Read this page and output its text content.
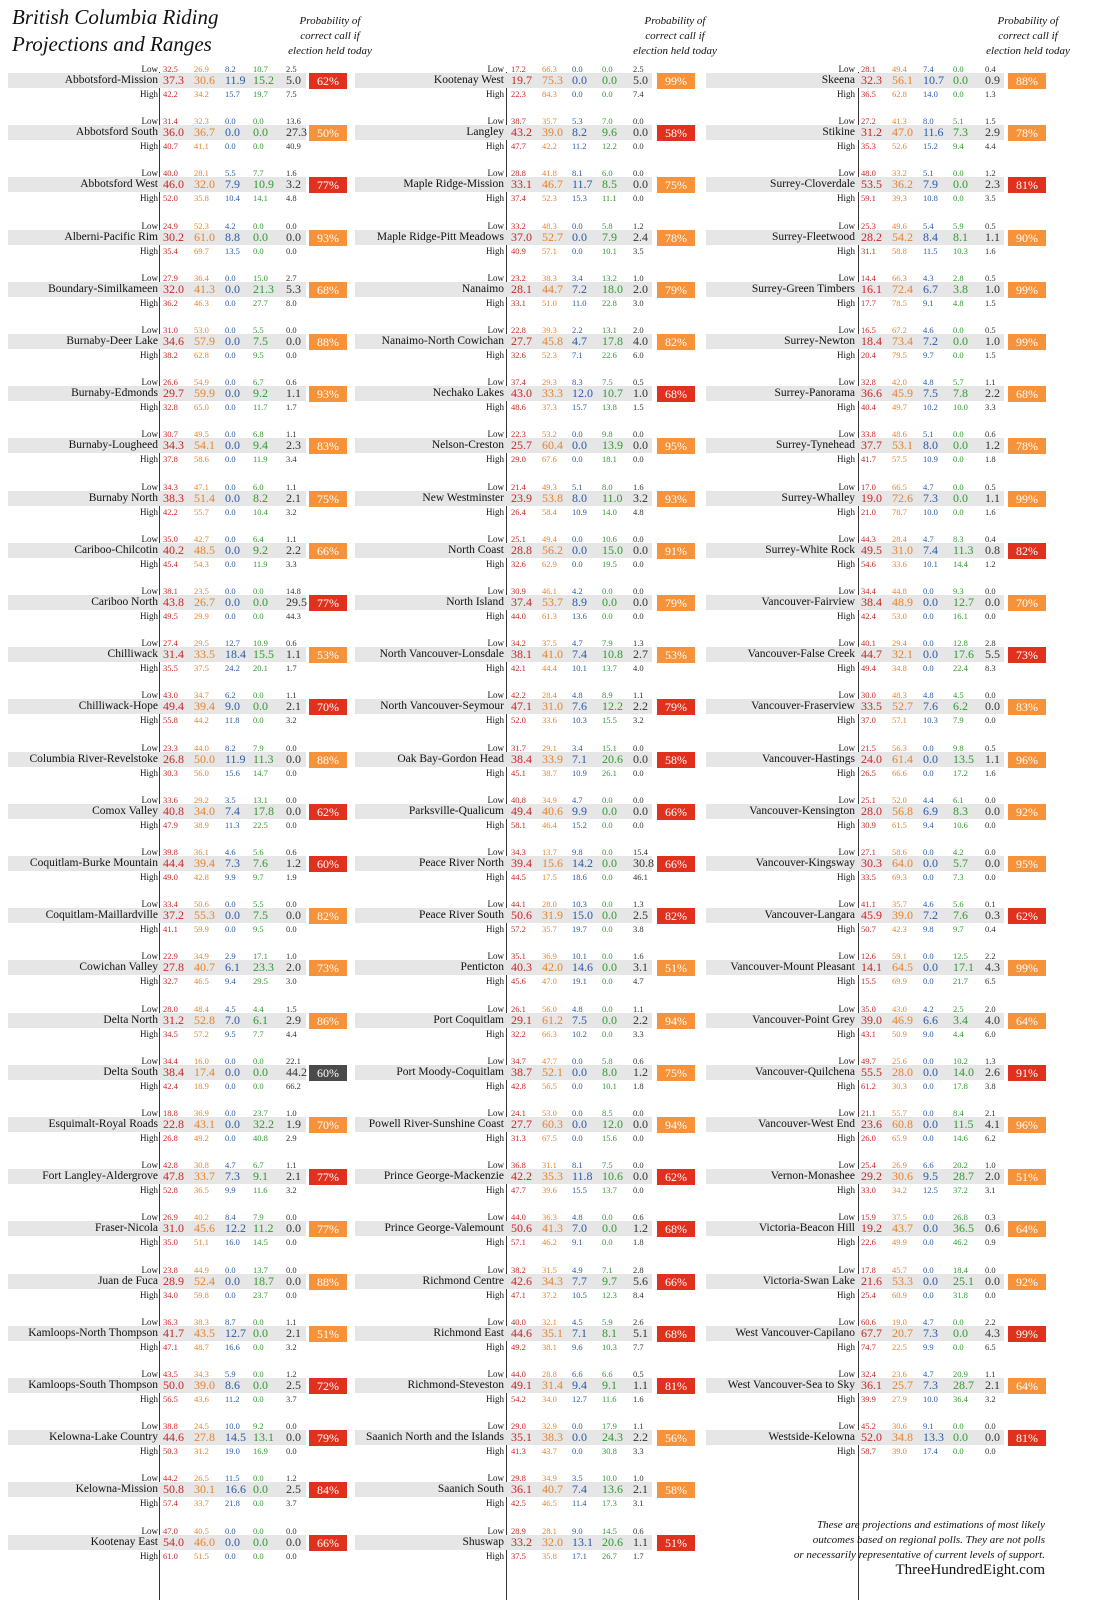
British Columbia Riding
Projections and Ranges
Probability of
correct call if
election held today
Probability of
correct call if
election held today
Probability of
correct call if
election held today
Low
Abbotsford-Mission
High
32.5	26.9	8.2	10.7	2.5
37.3 30.6 11.9 15.2	5.0
42.2	34.2	15.7	19.7	7.5
62%
Low
Abbotsford South
High
31.4	32.3	0.0	0.0	13.6
36.0 36.7 0.0	0.0	27.3
40.7	41.1	0.0	0.0	40.9
50%
Low
Abbotsford West
High
40.0	28.1	5.5	7.7	1.6
46.0 32.0 7.9	10.9	3.2
52.0	35.8	10.4	14.1	4.8
77%
Low
Alberni-Pacific Rim
High
24.9	52.3	4.2	0.0	0.0
30.2 61.0 8.8	0.0	0.0
35.4	69.7	13.5	0.0	0.0
93%
Low
Boundary-Similkameen
High
27.9	36.4	0.0	15.0	2.7
32.0 41.3 0.0	21.3	5.3
36.2	46.3	0.0	27.7	8.0
68%
Low
Burnaby-Deer Lake
High
31.0	53.0	0.0	5.5	0.0
34.6 57.9 0.0	7.5	0.0
38.2	62.8	0.0	9.5	0.0
88%
Low
Burnaby-Edmonds
High
26.6	54.9	0.0	6.7	0.6
29.7 59.9 0.0	9.2	1.1
32.8	65.0	0.0	11.7	1.7
93%
Low
Burnaby-Lougheed
High
30.7	49.5	0.0	6.8	1.1
34.3 54.1 0.0	9.4	2.3
37.8	58.6	0.0	11.9	3.4
83%
Low
Burnaby North
High
34.3	47.1	0.0	6.0	1.1
38.3 51.4 0.0	8.2	2.1
42.2	55.7	0.0	10.4	3.2
75%
Low
Cariboo-Chilcotin
High
35.0	42.7	0.0	6.4	1.1
40.2 48.5 0.0	9.2	2.2
45.4	54.3	0.0	11.9	3.3
66%
Low
Cariboo North
High
38.1	23.5	0.0	0.0	14.8
43.8 26.7 0.0	0.0	29.5
49.5	29.9	0.0	0.0	44.3
77%
Low
Chilliwack
High
27.4	29.5	12.7	10.9	0.6
31.4 33.5 18.4 15.5	1.1
35.5	37.5	24.2	20.1	1.7
53%
Low
Chilliwack-Hope
High
43.0	34.7	6.2	0.0	1.1
49.4 39.4 9.0	0.0	2.1
55.8	44.2	11.8	0.0	3.2
70%
Low
Columbia River-Revelstoke
High
23.3	44.0	8.2	7.9	0.0
26.8 50.0 11.9 11.3	0.0
30.3	56.0	15.6	14.7	0.0
88%
Low
Comox Valley
High
33.6	29.2	3.5	13.1	0.0
40.8 34.0 7.4	17.8	0.0
47.9	38.9	11.3	22.5	0.0
62%
Low
Coquitlam-Burke Mountain
High
39.8	36.1	4.6	5.6	0.6
44.4 39.4 7.3	7.6	1.2
49.0	42.8	9.9	9.7	1.9
60%
Low
Coquitlam-Maillardville
High
33.4	50.6	0.0	5.5	0.0
37.2 55.3 0.0	7.5	0.0
41.1	59.9	0.0	9.5	0.0
82%
Low
Cowichan Valley
High
22.9	34.9	2.9	17.1	1.0
27.8 40.7 6.1	23.3	2.0
32.7	46.5	9.4	29.5	3.0
73%
Low
Delta North
High
28.0	48.4	4.5	4.4	1.5
31.2 52.8 7.0	6.1	2.9
34.5	57.2	9.5	7.7	4.4
86%
Low
Delta South
High
34.4	16.0	0.0	0.0	22.1
38.4 17.4 0.0	0.0	44.2
42.4	18.9	0.0	0.0	66.2
60%
Low
Esquimalt-Royal Roads
High
18.8	36.9	0.0	23.7	1.0
22.8 43.1 0.0	32.2	1.9
26.8	49.2	0.0	40.8	2.9
70%
Low
Fort Langley-Aldergrove
High
42.8	30.8	4.7	6.7	1.1
47.8 33.7 7.3	9.1	2.1
52.8	36.5	9.9	11.6	3.2
77%
Low
Fraser-Nicola
High
26.9	40.2	8.4	7.9	0.0
31.0 45.6 12.2 11.2	0.0
35.0	51.1	16.0	14.5	0.0
77%
Low
Juan de Fuca
High
23.8	44.9	0.0	13.7	0.0
28.9 52.4 0.0	18.7	0.0
34.0	59.8	0.0	23.7	0.0
88%
Low
Kamloops-North Thompson
High
36.3	38.3	8.7	0.0	1.1
41.7 43.5 12.7 0.0	2.1
47.1	48.7	16.6	0.0	3.2
51%
Low
Kamloops-South Thompson
High
43.5	34.3	5.9	0.0	1.2
50.0 39.0 8.6	0.0	2.5
56.5	43.6	11.2	0.0	3.7
72%
Low
Kelowna-Lake Country
High
38.8	24.5	10.0	9.2	0.0
44.6 27.8 14.5 13.1	0.0
50.3	31.2	19.0	16.9	0.0
79%
Low
Kelowna-Mission
High
44.2	26.5	11.5	0.0	1.2
50.8 30.1 16.6 0.0	2.5
57.4	33.7	21.8	0.0	3.7
84%
Low
Kootenay East
High
47.0	40.5	0.0	0.0	0.0
54.0 46.0 0.0	0.0	0.0
61.0	51.5	0.0	0.0	0.0
66%
Low
Kootenay West
High
17.2	66.3	0.0	0.0	2.5
19.7 75.3 0.0	0.0	5.0
22.3	84.3	0.0	0.0	7.4
99%
Low
Langley
High
38.7	35.7	5.3	7.0	0.0
43.2 39.0 8.2	9.6	0.0
47.7	42.2	11.2	12.2	0.0
58%
Low
Maple Ridge-Mission
High
28.8	41.8	8.1	6.0	0.0
33.1 46.7 11.7 8.5	0.0
37.4	52.3	15.3	11.1	0.0
75%
Low
Maple Ridge-Pitt Meadows
High
33.2	48.3	0.0	5.8	1.2
37.0 52.7 0.0	7.9	2.4
40.9	57.1	0.0	10.1	3.5
78%
Low
Nanaimo
High
23.2	38.3	3.4	13.2	1.0
28.1 44.7 7.2	18.0 2.0
33.1	51.0	11.0	22.8	3.0
79%
Low
Nanaimo-North Cowichan
High
22.8	39.3	2.2	13.1	2.0
27.7 45.8 4.7	17.8 4.0
32.6	52.3	7.1	22.6	6.0
82%
Low
Nechako Lakes
High
37.4	29.3	8.3	7.5	0.5
43.0 33.3 12.0 10.7 1.0
48.6	37.3	15.7	13.8	1.5
68%
Low
Nelson-Creston
High
22.3	53.2	0.0	9.8	0.0
25.7 60.4 0.0	13.9 0.0
29.0	67.6	0.0	18.1	0.0
95%
Low
New Westminster
High
21.4	49.3	5.1	8.0	1.6
23.9 53.8 8.0	11.0 3.2
26.4	58.4	10.9	14.0	4.8
93%
Low
North Coast
High
25.1	49.4	0.0	10.6	0.0
28.8 56.2 0.0	15.0 0.0
32.6	62.9	0.0	19.5	0.0
91%
Low
North Island
High
30.9	46.1	4.2	0.0	0.0
37.4 53.7 8.9	0.0	0.0
44.0	61.3	13.6	0.0	0.0
79%
Low
North Vancouver-Lonsdale
High
34.2	37.5	4.7	7.9	1.3
38.1 41.0 7.4	10.8 2.7
42.1	44.4	10.1	13.7	4.0
53%
Low
North Vancouver-Seymour
High
42.2	28.4	4.8	8.9	1.1
47.1 31.0 7.6	12.2 2.2
52.0	33.6	10.3	15.5	3.2
79%
Low
Oak Bay-Gordon Head
High
31.7	29.1	3.4	15.1	0.0
38.4 33.9 7.1	20.6 0.0
45.1	38.7	10.9	26.1	0.0
58%
Low
Parksville-Qualicum
High
40.8	34.9	4.7	0.0	0.0
49.4 40.6 9.9	0.0	0.0
58.1	46.4	15.2	0.0	0.0
66%
Low
Peace River North
High
34.3	13.7	9.8	0.0	15.4
39.4 15.6 14.2 0.0	30.8
44.5	17.5	18.6	0.0	46.1
66%
Low
Peace River South
High
44.1	28.0	10.3	0.0	1.3
50.6 31.9 15.0 0.0	2.5
57.2	35.7	19.7	0.0	3.8
82%
Low
Penticton
High
35.1	36.9	10.1	0.0	1.6
40.3 42.0 14.6 0.0	3.1
45.6	47.0	19.1	0.0	4.7
51%
Low
Port Coquitlam
High
26.1	56.0	4.8	0.0	1.1
29.1 61.2 7.5	0.0	2.2
32.2	66.3	10.2	0.0	3.3
94%
Low
Port Moody-Coquitlam
High
34.7	47.7	0.0	5.8	0.6
38.7 52.1 0.0	8.0	1.2
42.8	56.5	0.0	10.1	1.8
75%
Low
Powell River-Sunshine Coast
High
24.1	53.0	0.0	8.5	0.0
27.7 60.3 0.0	12.0 0.0
31.3	67.5	0.0	15.6	0.0
94%
Low
Prince George-Mackenzie
High
36.8	31.1	8.1	7.5	0.0
42.2 35.3 11.8 10.6 0.0
47.7	39.6	15.5	13.7	0.0
62%
Low
Prince George-Valemount
High
44.0	36.3	4.8	0.0	0.6
50.6 41.3 7.0	0.0	1.2
57.1	46.2	9.1	0.0	1.8
68%
Low
Richmond Centre
High
38.2	31.5	4.9	7.1	2.8
42.6 34.3 7.7	9.7	5.6
47.1	37.2	10.5	12.3	8.4
66%
Low
Richmond East
High
40.0	32.1	4.5	5.9	2.6
44.6 35.1 7.1	8.1	5.1
49.2	38.1	9.6	10.3	7.7
68%
Low
Richmond-Steveston
High
44.0	28.8	6.6	6.6	0.5
49.1 31.4 9.4	9.1	1.1
54.2	34.0	12.7	11.6	1.6
81%
Low
Saanich North and the Islands
High
29.0	32.9	0.0	17.9	1.1
35.1 38.3 0.0	24.3 2.2
41.3	43.7	0.0	30.8	3.3
56%
Low
Saanich South
High
29.8	34.9	3.5	10.0	1.0
36.1 40.7 7.4	13.6 2.1
42.5	46.5	11.4	17.3	3.1
58%
Low
Shuswap
High
28.9	28.1	9.0	14.5	0.6
33.2 32.0 13.1 20.6 1.1
37.5	35.8	17.1	26.7	1.7
51%
Low
Skeena
High
28.1	49.4	7.4	0.0	0.4
32.3 56.1 10.7 0.0	0.9
36.5	62.8	14.0	0.0	1.3
88%
Low
Stikine
High
27.2	41.3	8.0	5.1	1.5
31.2 47.0 11.6 7.3	2.9
35.3	52.6	15.2	9.4	4.4
78%
Low
Surrey-Cloverdale
High
48.0	33.2	5.1	0.0	1.2
53.5 36.2 7.9	0.0	2.3
59.1	39.3	10.8	0.0	3.5
81%
Low
Surrey-Fleetwood
High
25.3	49.6	5.4	5.9	0.5
28.2 54.2 8.4	8.1	1.1
31.1	58.8	11.5	10.3	1.6
90%
Low
Surrey-Green Timbers
High
14.4	66.3	4.3	2.8	0.5
16.1 72.4 6.7	3.8	1.0
17.7	78.5	9.1	4.8	1.5
99%
Low
Surrey-Newton
High
16.5	67.2	4.6	0.0	0.5
18.4 73.4 7.2	0.0	1.0
20.4	79.5	9.7	0.0	1.5
99%
Low
Surrey-Panorama
High
32.8	42.0	4.8	5.7	1.1
36.6 45.9 7.5	7.8	2.2
40.4	49.7	10.2	10.0	3.3
68%
Low
Surrey-Tynehead
High
33.8	48.6	5.1	0.0	0.6
37.7 53.1 8.0	0.0	1.2
41.7	57.5	10.9	0.0	1.8
78%
Low
Surrey-Whalley
High
17.0	66.5	4.7	0.0	0.5
19.0 72.6 7.3	0.0	1.1
21.0	78.7	10.0	0.0	1.6
99%
Low
Surrey-White Rock
High
44.3	28.4	4.7	8.3	0.4
49.5 31.0 7.4	11.3 0.8
54.6	33.6	10.1	14.4	1.2
82%
Low
Vancouver-Fairview
High
34.4	44.8	0.0	9.3	0.0
38.4 48.9 0.0	12.7 0.0
42.4	53.0	0.0	16.1	0.0
70%
Low
Vancouver-False Creek
High
40.1	29.4	0.0	12.8	2.8
44.7 32.1 0.0	17.6 5.5
49.4	34.8	0.0	22.4	8.3
73%
Low
Vancouver-Fraserview
High
30.0	48.3	4.8	4.5	0.0
33.5 52.7 7.6	6.2	0.0
37.0	57.1	10.3	7.9	0.0
83%
Low
Vancouver-Hastings
High
21.5	56.3	0.0	9.8	0.5
24.0 61.4 0.0	13.5 1.1
26.5	66.6	0.0	17.2	1.6
96%
Low
Vancouver-Kensington
High
25.1	52.0	4.4	6.1	0.0
28.0 56.8 6.9	8.3	0.0
30.9	61.5	9.4	10.6	0.0
92%
Low
Vancouver-Kingsway
High
27.1	58.6	0.0	4.2	0.0
30.3 64.0 0.0	5.7	0.0
33.5	69.3	0.0	7.3	0.0
95%
Low
Vancouver-Langara
High
41.1	35.7	4.6	5.6	0.1
45.9 39.0 7.2	7.6	0.3
50.7	42.3	9.8	9.7	0.4
62%
Low
Vancouver-Mount Pleasant
High
12.6	59.1	0.0	12.5	2.2
14.1 64.5 0.0	17.1 4.3
15.5	69.9	0.0	21.7	6.5
99%
Low
Vancouver-Point Grey
High
35.0	43.0	4.2	2.5	2.0
39.0 46.9 6.6	3.4	4.0
43.1	50.9	9.0	4.4	6.0
64%
Low
Vancouver-Quilchena
High
49.7	25.6	0.0	10.2	1.3
55.5 28.0 0.0	14.0 2.6
61.2	30.3	0.0	17.8	3.8
91%
Low
Vancouver-West End
High
21.1	55.7	0.0	8.4	2.1
23.6 60.8 0.0	11.5 4.1
26.0	65.9	0.0	14.6	6.2
96%
Low
Vernon-Monashee
High
25.4	26.9	6.6	20.2	1.0
29.2 30.6 9.5	28.7 2.0
33.0	34.2	12.5	37.2	3.1
51%
Low
Victoria-Beacon Hill
High
15.9	37.5	0.0	26.8	0.3
19.2 43.7 0.0	36.5 0.6
22.6	49.9	0.0	46.2	0.9
64%
Low
Victoria-Swan Lake
High
17.8	45.7	0.0	18.4	0.0
21.6 53.3 0.0	25.1 0.0
25.4	60.9	0.0	31.8	0.0
92%
Low
West Vancouver-Capilano
High
60.6	19.0	4.7	0.0	2.2
67.7 20.7 7.3	0.0	4.3
74.7	22.5	9.9	0.0	6.5
99%
Low
West Vancouver-Sea to Sky
High
32.4	23.6	4.7	20.9	1.1
36.1 25.7 7.3	28.7 2.1
39.9	27.9	10.0	36.4	3.2
64%
Low
Westside-Kelowna
High
45.2	30.6	9.1	0.0	0.0
52.0 34.8 13.3 0.0	0.0
58.7	39.0	17.4	0.0	0.0
81%
These are projections and estimations of most likely
outcomes based on regional polls. They are not polls
or necessarily representative of current levels of support.
ThreeHundredEight.com
